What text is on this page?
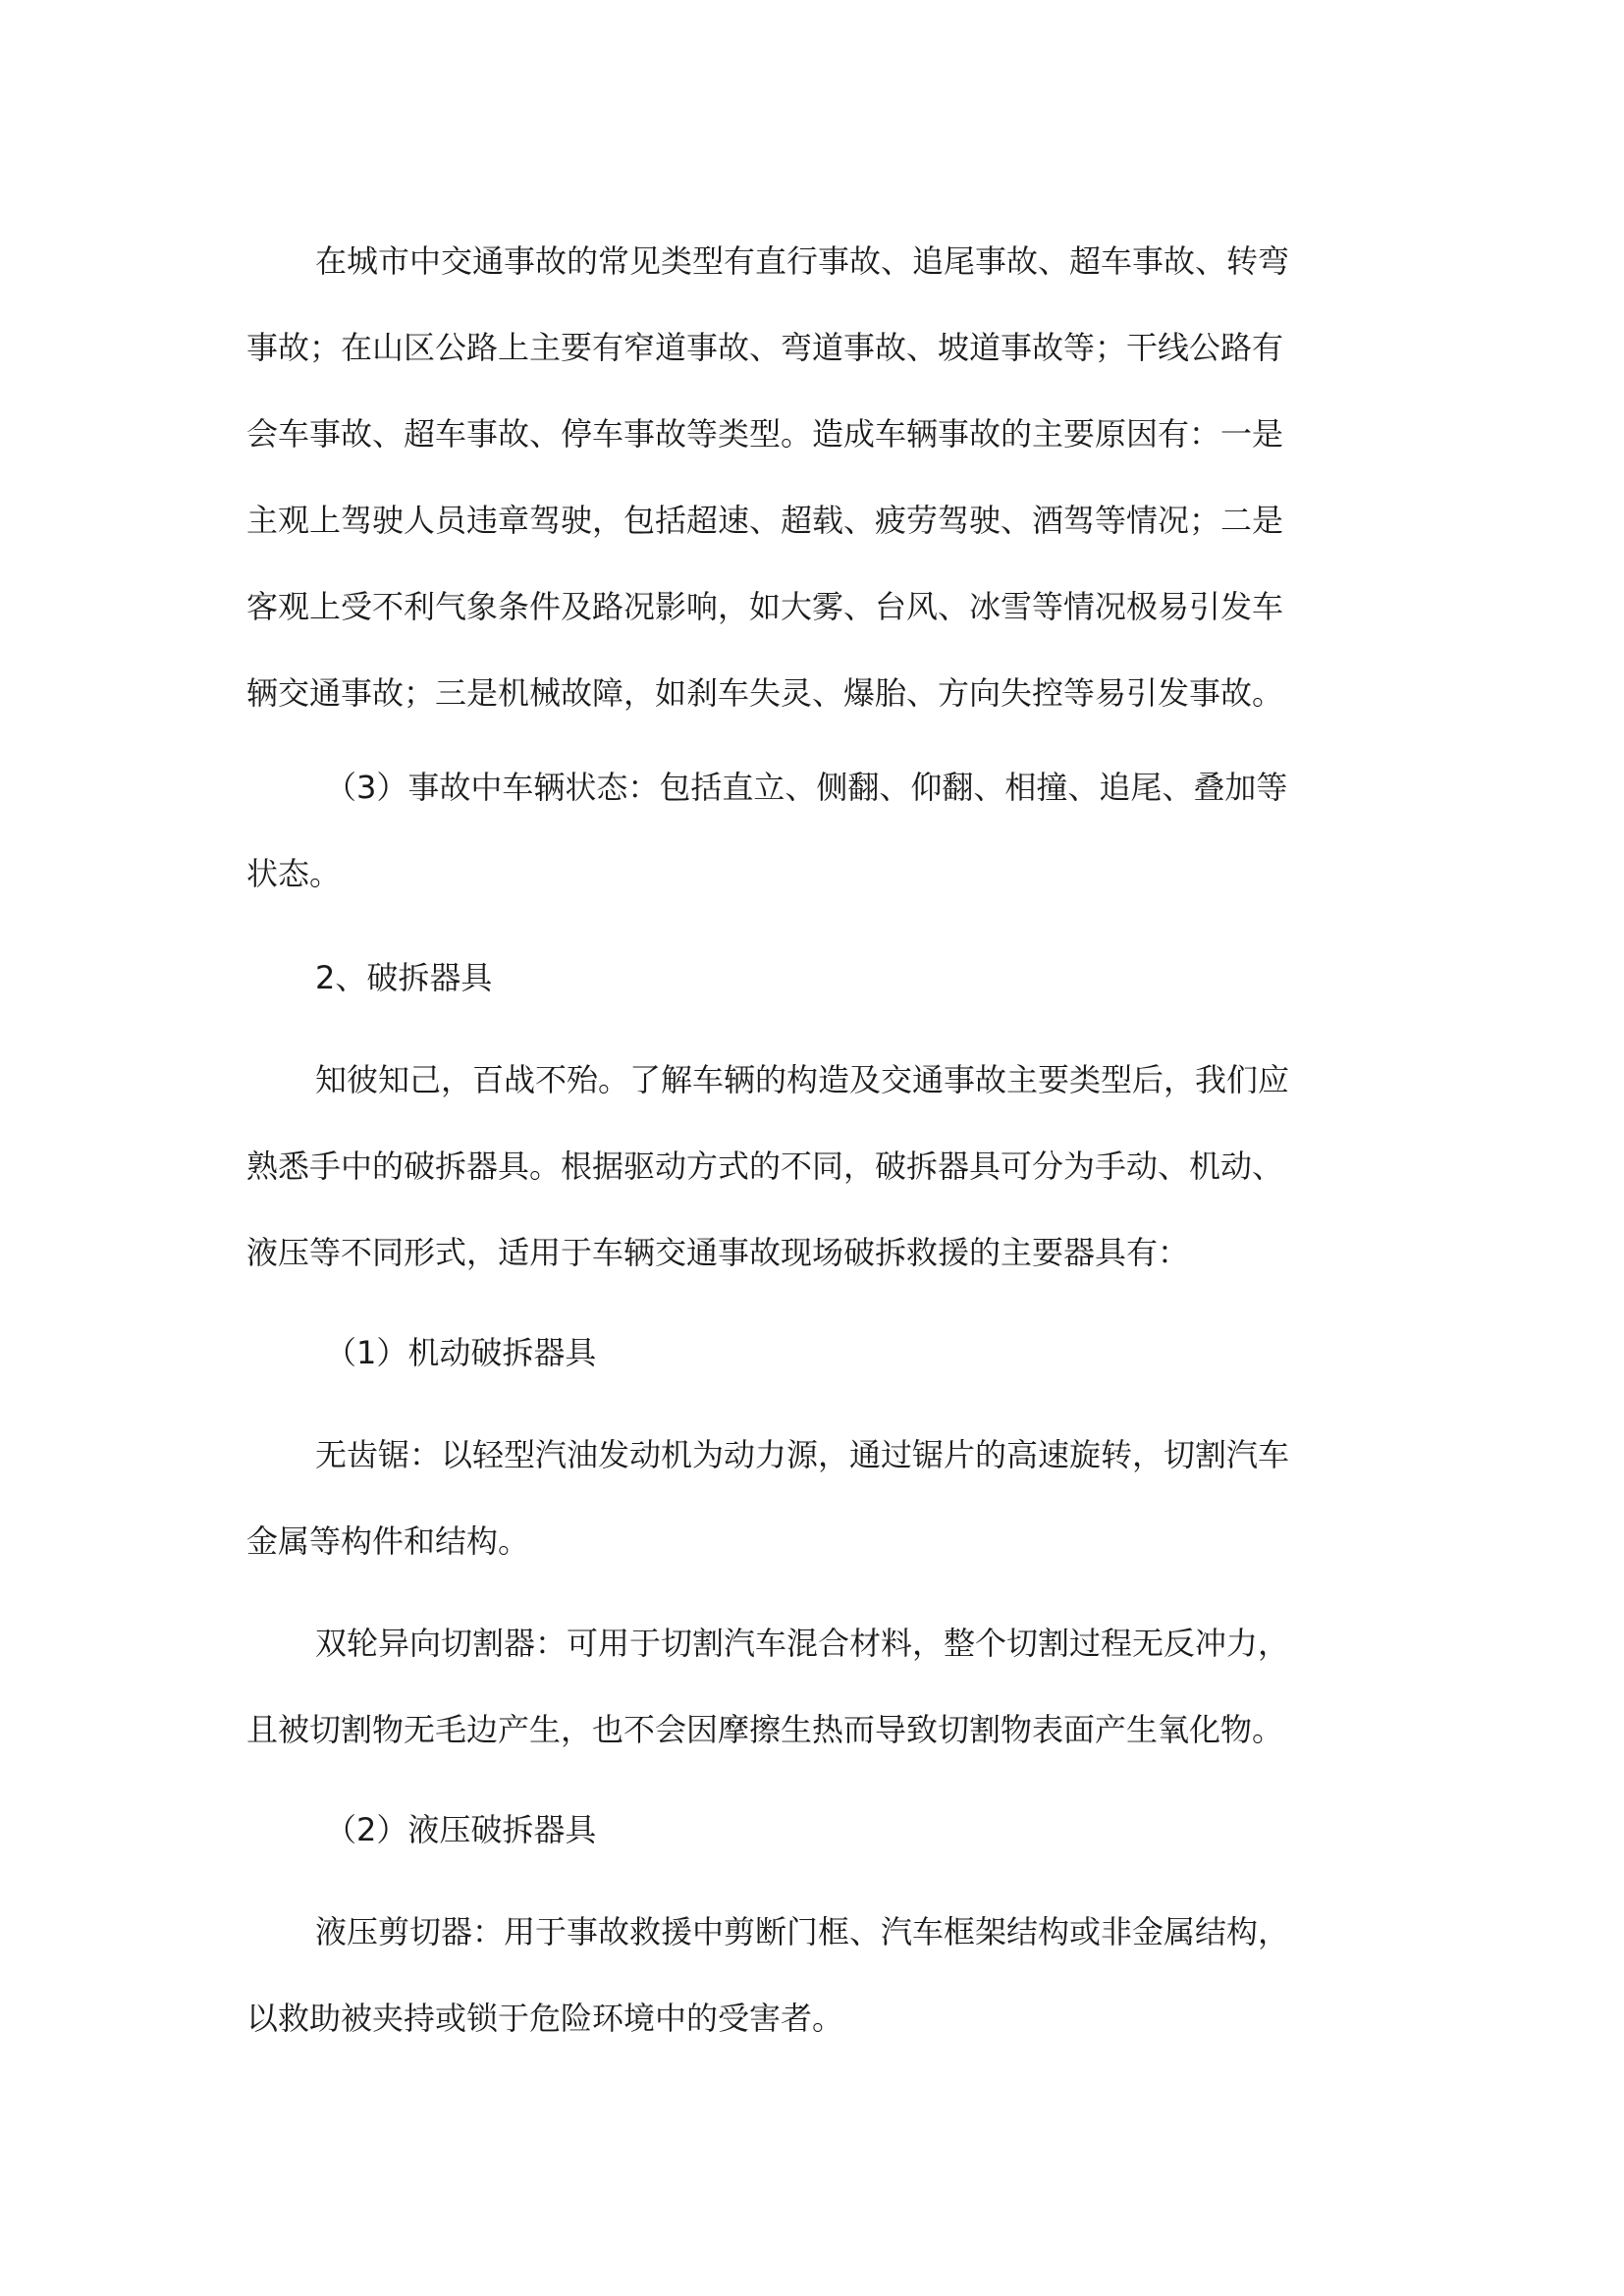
在城市中交通事故的常见类型有直行事故、追尾事故、超车事故、转弯
事故；在山区公路上主要有窄道事故、弯道事故、坡道事故等；干线公路有
会车事故、超车事故、停车事故等类型。造成车辆事故的主要原因有：一是
主观上驾驶人员违章驾驶，包括超速、超载、疲劳驾驶、酒驾等情况；二是
客观上受不利气象条件及路况影响，如大雾、台风、冰雪等情况极易引发车
辆交通事故；三是机械故障，如刹车失灵、爆胎、方向失控等易引发事故。
（3）事故中车辆状态：包括直立、侧翻、仰翻、相撞、追尾、叠加等
状态。
2、破拆器具
知彼知己，百战不殆。了解车辆的构造及交通事故主要类型后，我们应
熟悉手中的破拆器具。根据驱动方式的不同，破拆器具可分为手动、机动、
液压等不同形式，适用于车辆交通事故现场破拆救援的主要器具有：
（1）机动破拆器具
无齿锯：以轻型汽油发动机为动力源，通过锯片的高速旋转，切割汽车
金属等构件和结构。
双轮异向切割器：可用于切割汽车混合材料，整个切割过程无反冲力，
且被切割物无毛边产生，也不会因摩擦生热而导致切割物表面产生氧化物。
（2）液压破拆器具
液压剪切器：用于事故救援中剪断门框、汽车框架结构或非金属结构，
以救助被夹持或锁于危险环境中的受害者。
